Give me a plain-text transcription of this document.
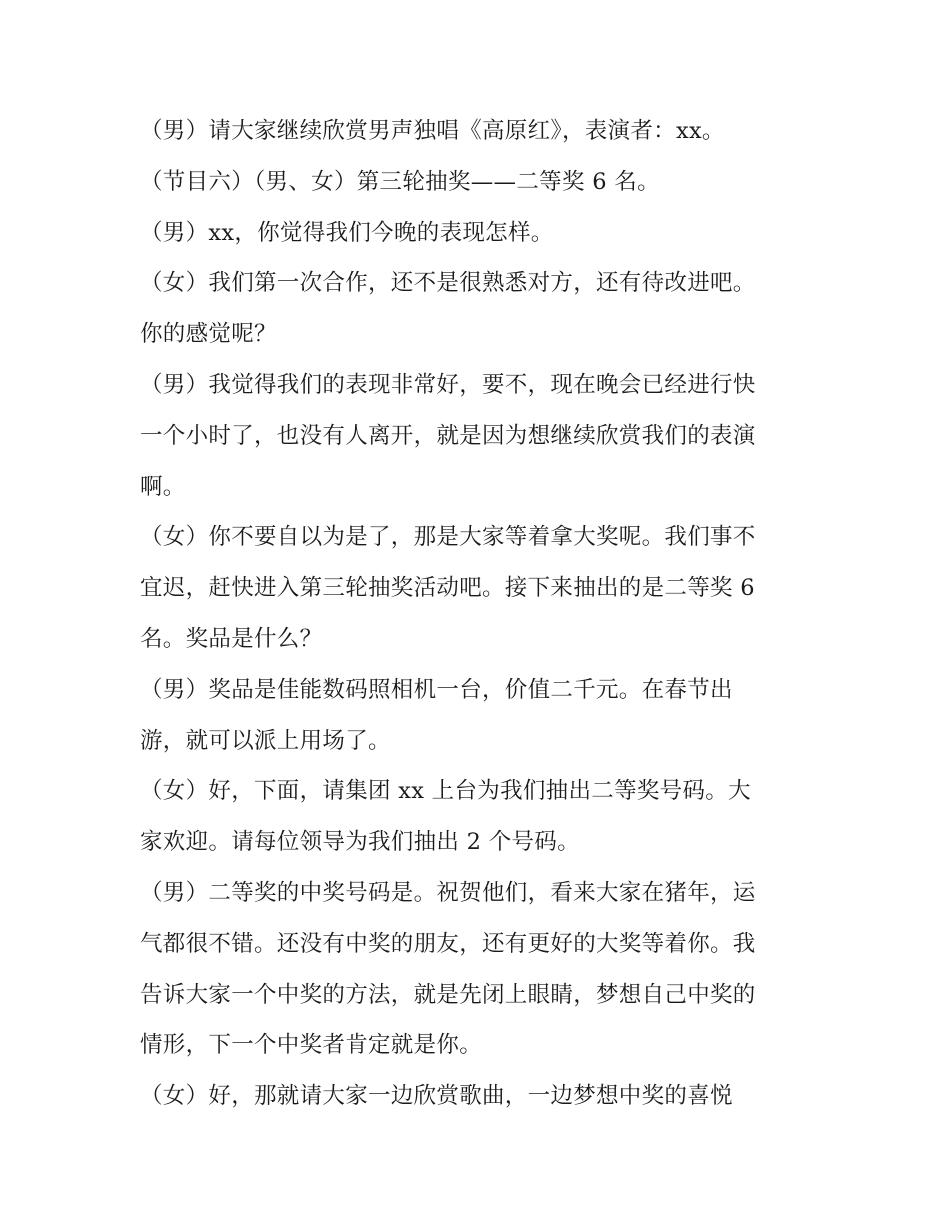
（男）请大家继续欣赏男声独唱《高原红》，表演者：xx。

（节目六）（男、女）第三轮抽奖——二等奖 6 名。

（男）xx，你觉得我们今晚的表现怎样。

（女）我们第一次合作，还不是很熟悉对方，还有待改进吧。

你的感觉呢？

（男）我觉得我们的表现非常好，要不，现在晚会已经进行快

一个小时了，也没有人离开，就是因为想继续欣赏我们的表演

啊。

（女）你不要自以为是了，那是大家等着拿大奖呢。我们事不

宜迟，赶快进入第三轮抽奖活动吧。接下来抽出的是二等奖 6

名。奖品是什么？

（男）奖品是佳能数码照相机一台，价值二千元。在春节出

游，就可以派上用场了。

（女）好，下面，请集团 xx 上台为我们抽出二等奖号码。大

家欢迎。请每位领导为我们抽出 2 个号码。

（男）二等奖的中奖号码是。祝贺他们，看来大家在猪年，运

气都很不错。还没有中奖的朋友，还有更好的大奖等着你。我

告诉大家一个中奖的方法，就是先闭上眼睛，梦想自己中奖的

情形，下一个中奖者肯定就是你。

（女）好，那就请大家一边欣赏歌曲，一边梦想中奖的喜悦
